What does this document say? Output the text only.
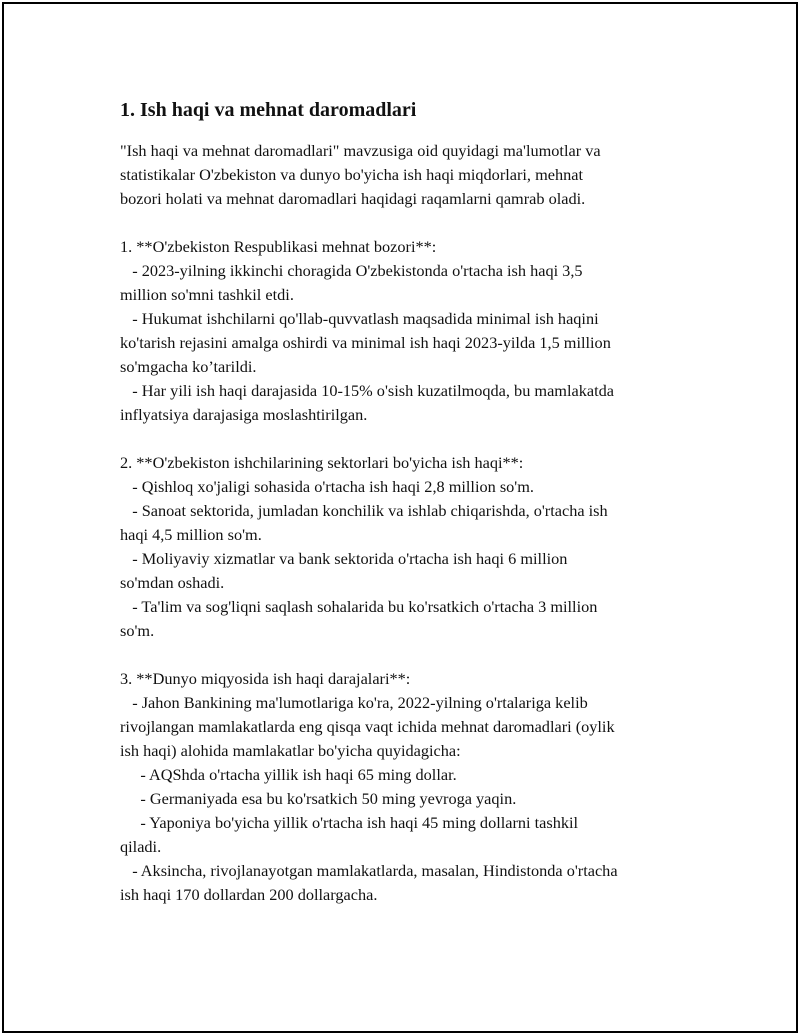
1. Ish haqi va mehnat daromadlari
"Ish haqi va mehnat daromadlari" mavzusiga oid quyidagi ma'lumotlar va
statistikalar O'zbekiston va dunyo bo'yicha ish haqi miqdorlari, mehnat
bozori holati va mehnat daromadlari haqidagi raqamlarni qamrab oladi.
1. **O'zbekiston Respublikasi mehnat bozori**:
- 2023-yilning ikkinchi choragida O'zbekistonda o'rtacha ish haqi 3,5
million so'mni tashkil etdi.
- Hukumat ishchilarni qo'llab-quvvatlash maqsadida minimal ish haqini
ko'tarish rejasini amalga oshirdi va minimal ish haqi 2023-yilda 1,5 million
so'mgacha ko’tarildi.
- Har yili ish haqi darajasida 10-15% o'sish kuzatilmoqda, bu mamlakatda
inflyatsiya darajasiga moslashtirilgan.
2. **O'zbekiston ishchilarining sektorlari bo'yicha ish haqi**:
- Qishloq xo'jaligi sohasida o'rtacha ish haqi 2,8 million so'm.
- Sanoat sektorida, jumladan konchilik va ishlab chiqarishda, o'rtacha ish
haqi 4,5 million so'm.
- Moliyaviy xizmatlar va bank sektorida o'rtacha ish haqi 6 million
so'mdan oshadi.
- Ta'lim va sog'liqni saqlash sohalarida bu ko'rsatkich o'rtacha 3 million
so'm.
3. **Dunyo miqyosida ish haqi darajalari**:
- Jahon Bankining ma'lumotlariga ko'ra, 2022-yilning o'rtalariga kelib
rivojlangan mamlakatlarda eng qisqa vaqt ichida mehnat daromadlari (oylik
ish haqi) alohida mamlakatlar bo'yicha quyidagicha:
- AQShda o'rtacha yillik ish haqi 65 ming dollar.
- Germaniyada esa bu ko'rsatkich 50 ming yevroga yaqin.
- Yaponiya bo'yicha yillik o'rtacha ish haqi 45 ming dollarni tashkil
qiladi.
- Aksincha, rivojlanayotgan mamlakatlarda, masalan, Hindistonda o'rtacha
ish haqi 170 dollardan 200 dollargacha.
